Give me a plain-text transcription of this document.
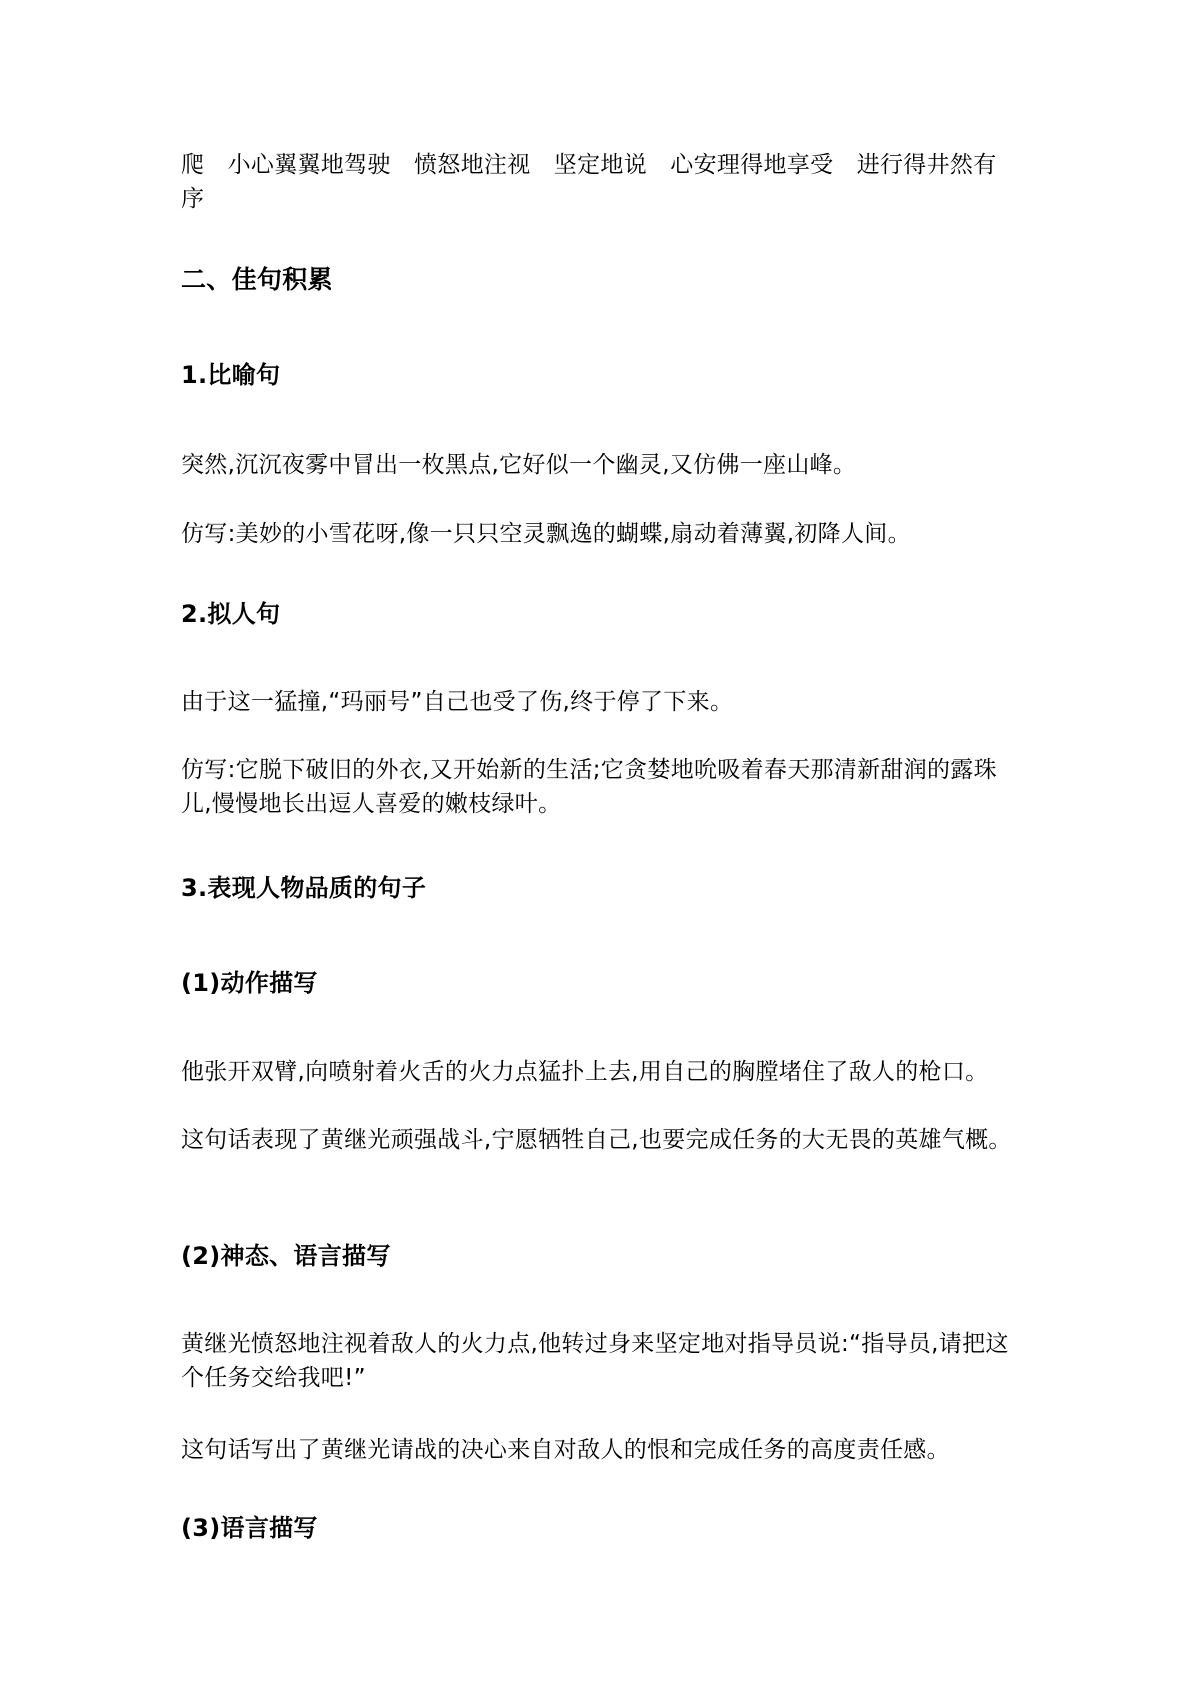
爬　小心翼翼地驾驶　愤怒地注视　坚定地说　心安理得地享受　进行得井然有序

二、佳句积累

1.比喻句

突然,沉沉夜雾中冒出一枚黑点,它好似一个幽灵,又仿佛一座山峰。

仿写:美妙的小雪花呀,像一只只空灵飘逸的蝴蝶,扇动着薄翼,初降人间。

2.拟人句

由于这一猛撞,“玛丽号”自己也受了伤,终于停了下来。

仿写:它脱下破旧的外衣,又开始新的生活;它贪婪地吮吸着春天那清新甜润的露珠儿,慢慢地长出逗人喜爱的嫩枝绿叶。

3.表现人物品质的句子

(1)动作描写

他张开双臂,向喷射着火舌的火力点猛扑上去,用自己的胸膛堵住了敌人的枪口。

这句话表现了黄继光顽强战斗,宁愿牺牲自己,也要完成任务的大无畏的英雄气概。

(2)神态、语言描写

黄继光愤怒地注视着敌人的火力点,他转过身来坚定地对指导员说:“指导员,请把这个任务交给我吧!”

这句话写出了黄继光请战的决心来自对敌人的恨和完成任务的高度责任感。

(3)语言描写
